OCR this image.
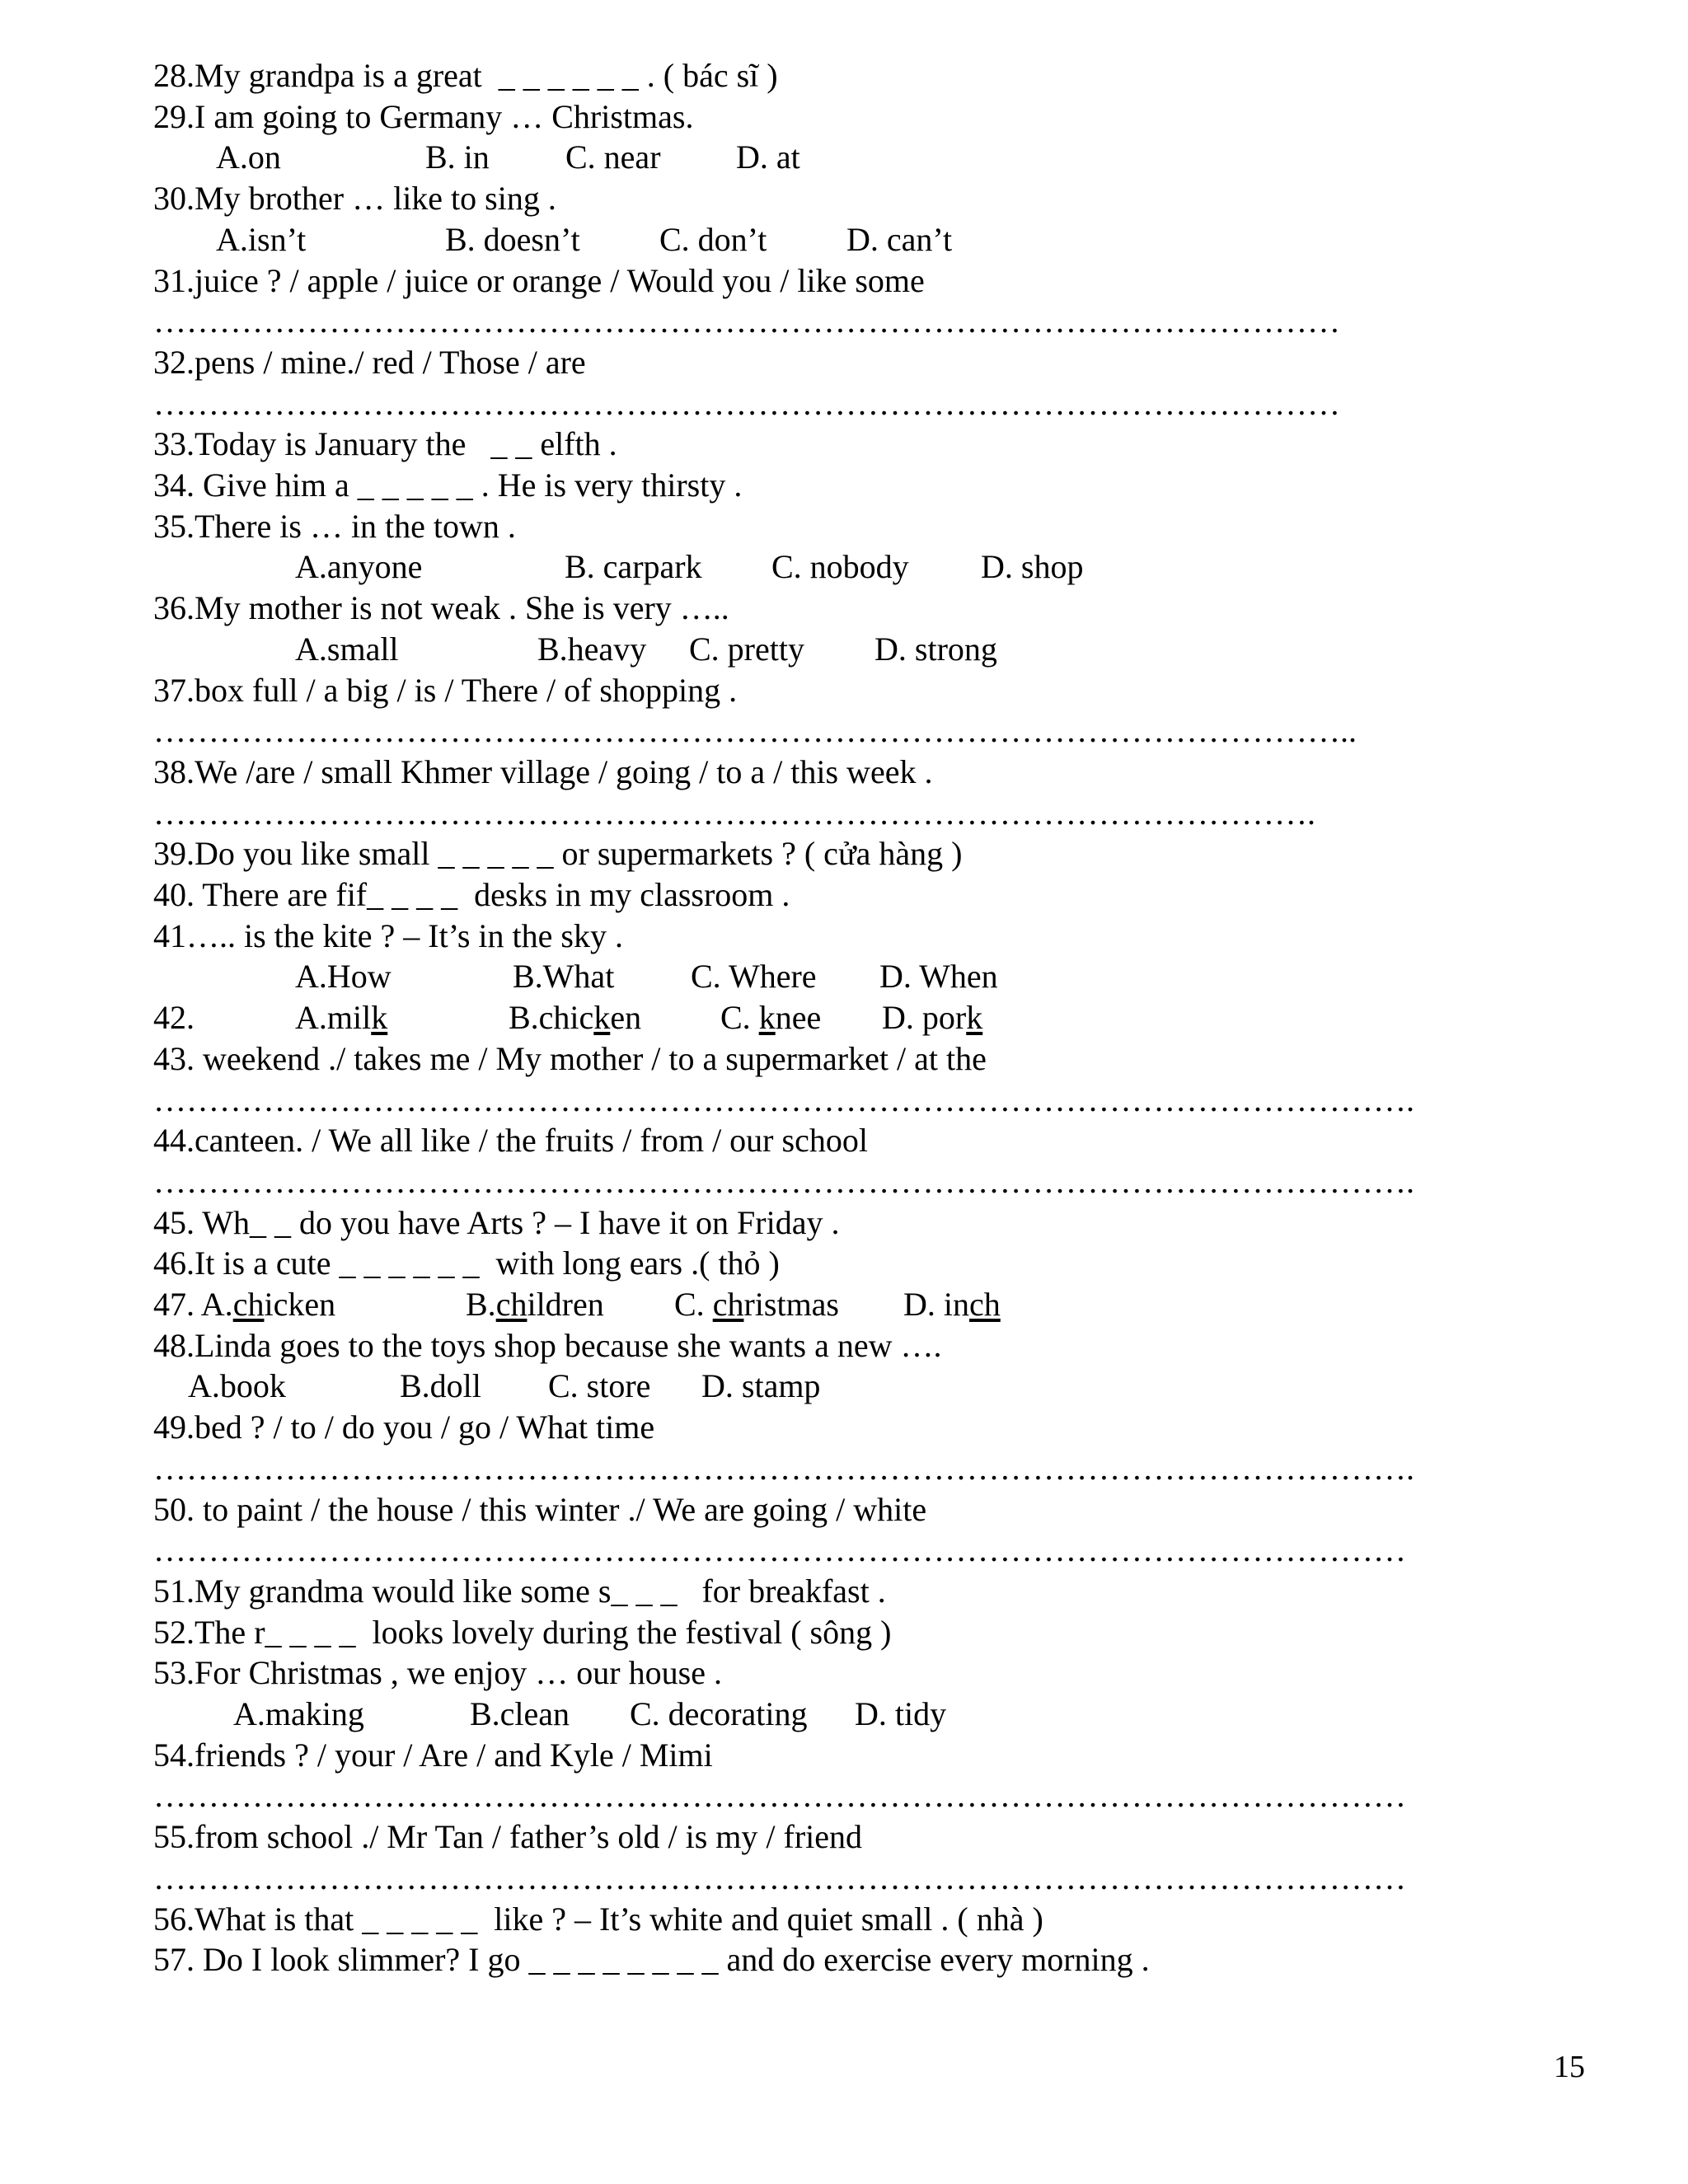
28.My grandpa is a great  _ _ _ _ _ _ . ( bác sĩ )
29.I am going to Germany … Christmas.
A.on	B. in C. near D. at
30.My brother … like to sing .
A.isn’t	B. doesn’t C. don’t D. can’t
31.juice ? / apple / juice or orange / Would you / like some
………………………………………………………………………………………………
32.pens / mine./ red / Those / are
………………………………………………………………………………………………
33.Today is January the   _ _ elfth .
34. Give him a _ _ _ _ _ . He is very thirsty .
35.There is … in the town .
A.anyone	B. carpark C. nobody D. shop
36.My mother is not weak . She is very …..
A.small	B.heavy C. pretty D. strong
37.box full / a big / is / There / of shopping .
………………………………………………………………………………………………..
38.We /are / small Khmer village / going / to a / this week .
…………………………………………………………………………………………….
39.Do you like small _ _ _ _ _ or supermarkets ? ( cửa hàng )
40. There are fif_ _ _ _  desks in my classroom .
41….. is the kite ? – It’s in the sky .
A.How	B.What C. Where D. When
42.	A.milk	B.chicken C. knee D. pork
43. weekend ./ takes me / My mother / to a supermarket / at the
…………………………………………………………………………………………………….
44.canteen. / We all like / the fruits / from / our school
…………………………………………………………………………………………………….
45. Wh_ _ do you have Arts ? – I have it on Friday .
46.It is a cute _ _ _ _ _ _  with long ears .( thỏ )
47. A.chicken	B.children C. christmas D. inch
48.Linda goes to the toys shop because she wants a new ….
A.book	B.doll C. store D. stamp
49.bed ? / to / do you / go / What time
…………………………………………………………………………………………………….
50. to paint / the house / this winter ./ We are going / white
……………………………………………………………………………………………………
51.My grandma would like some s_ _ _   for breakfast .
52.The r_ _ _ _  looks lovely during the festival ( sông )
53.For Christmas , we enjoy … our house .
A.making	B.clean C. decorating D. tidy
54.friends ? / your / Are / and Kyle / Mimi
……………………………………………………………………………………………………
55.from school ./ Mr Tan / father’s old / is my / friend
……………………………………………………………………………………………………
56.What is that _ _ _ _ _  like ? – It’s white and quiet small . ( nhà )
57. Do I look slimmer? I go _ _ _ _ _ _ _ _ and do exercise every morning .
15
